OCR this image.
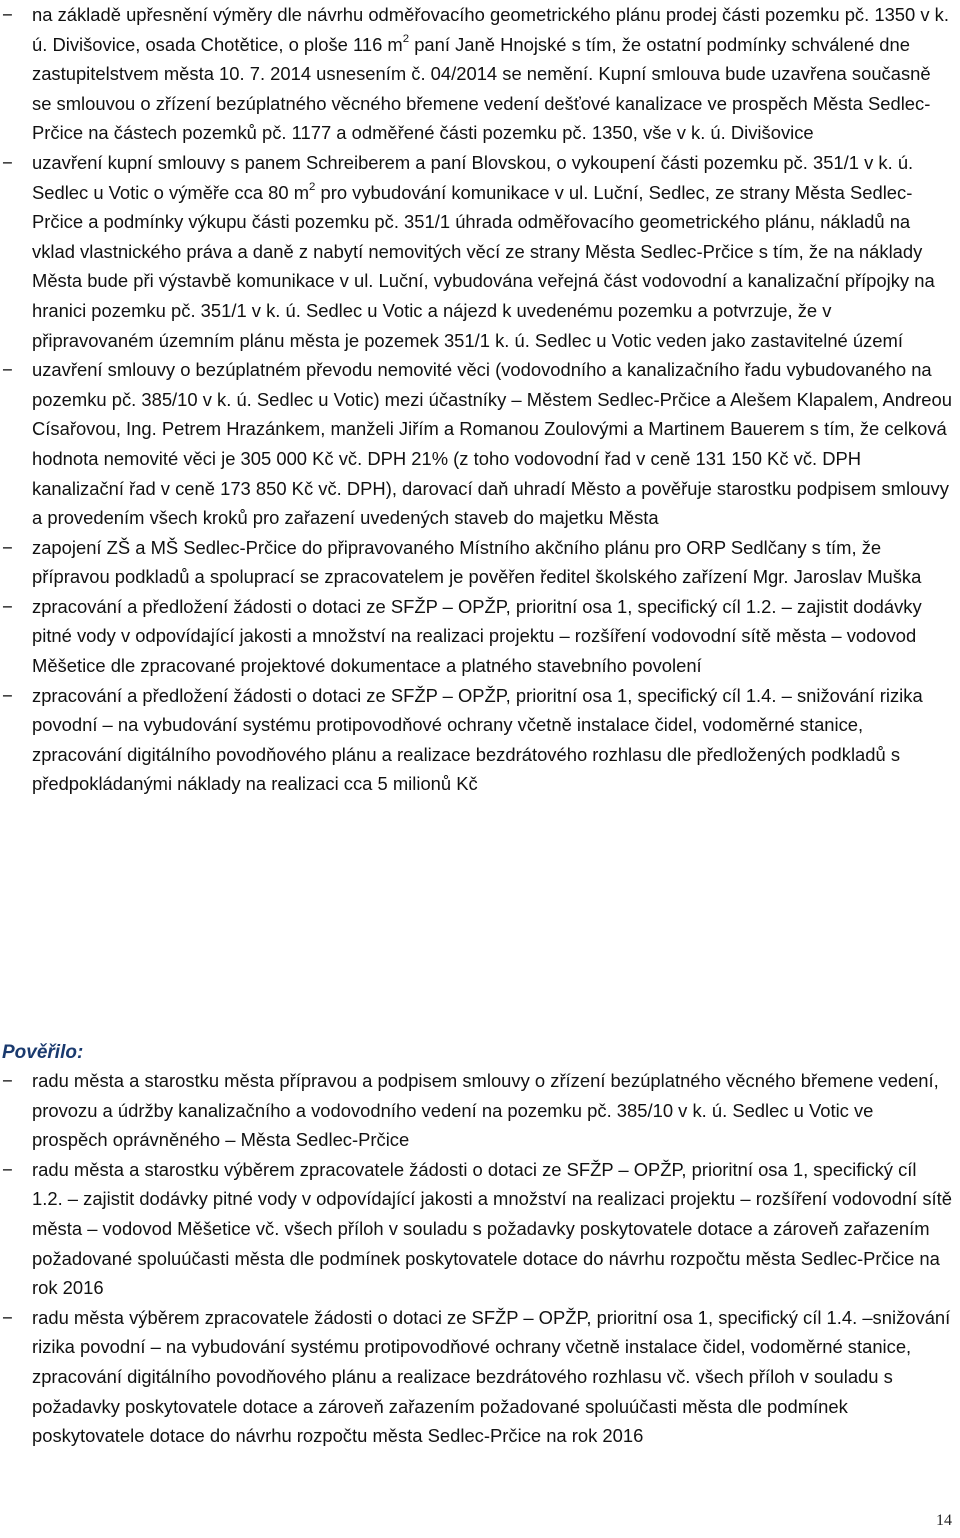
−	na základě upřesnění výměry dle návrhu odměřovacího geometrického plánu prodej části pozemku pč. 1350 v k. ú. Divišovice, osada Chotětice, o ploše 116 $m^2$ paní Janě Hnojské s tím, že ostatní podmínky schválené dne zastupitelstvem města 10. 7. 2014 usnesením č. 04/2014 se nemění. Kupní smlouva bude uzavřena současně se smlouvou o zřízení bezúplatného věcného břemene vedení dešťové kanalizace ve prospěch Města Sedlec-Prčice na částech pozemků pč. 1177 a odměřené části pozemku pč. 1350, vše v k. ú. Divišovice
−	uzavření kupní smlouvy s panem Schreiberem a paní Blovskou, o vykoupení části pozemku pč. 351/1 v k. ú. Sedlec u Votic o výměře cca 80 $m^2$ pro vybudování komunikace v ul. Luční, Sedlec, ze strany Města Sedlec-Prčice a podmínky výkupu části pozemku pč. 351/1 úhrada odměřovacího geometrického plánu, nákladů na vklad vlastnického práva a daně z nabytí nemovitých věcí ze strany Města Sedlec-Prčice s tím, že na náklady Města bude při výstavbě komunikace v ul. Luční, vybudována veřejná část vodovodní a kanalizační přípojky na hranici pozemku pč. 351/1 v k. ú. Sedlec u Votic a nájezd k uvedenému pozemku a potvrzuje, že v připravovaném územním plánu města je pozemek 351/1 k. ú. Sedlec u Votic veden jako zastavitelné území
−	uzavření smlouvy o bezúplatném převodu nemovité věci (vodovodního a kanalizačního řadu vybudovaného na pozemku pč. 385/10 v k. ú. Sedlec u Votic) mezi účastníky – Městem Sedlec-Prčice a Alešem Klapalem, Andreou Císařovou, Ing. Petrem Hrazánkem, manželi Jiřím a Romanou Zoulovými a Martinem Bauerem s tím, že celková hodnota nemovité věci je 305 000 Kč vč. DPH 21% (z toho vodovodní řad v ceně 131 150 Kč vč. DPH kanalizační řad v ceně 173 850 Kč vč. DPH), darovací daň uhradí Město a pověřuje starostku podpisem smlouvy a provedením všech kroků pro zařazení uvedených staveb do majetku Města
−	zapojení ZŠ a MŠ Sedlec-Prčice do připravovaného Místního akčního plánu pro ORP Sedlčany s tím, že přípravou podkladů a spoluprací se zpracovatelem je pověřen ředitel školského zařízení Mgr. Jaroslav Muška
−	zpracování a předložení žádosti o dotaci ze SFŽP – OPŽP, prioritní osa 1, specifický cíl 1.2. – zajistit dodávky pitné vody v odpovídající jakosti a množství na realizaci projektu – rozšíření vodovodní sítě města – vodovod Měšetice dle zpracované projektové dokumentace a platného stavebního povolení
−	zpracování a předložení žádosti o dotaci ze SFŽP – OPŽP, prioritní osa 1, specifický cíl 1.4. – snižování rizika povodní – na vybudování systému protipovodňové ochrany včetně instalace čidel, vodoměrné stanice, zpracování digitálního povodňového plánu a realizace bezdrátového rozhlasu dle předložených podkladů s předpokládanými náklady na realizaci cca 5 milionů Kč
Pověřilo:
−	radu města a starostku města přípravou a podpisem smlouvy o zřízení bezúplatného věcného břemene vedení, provozu a údržby kanalizačního a vodovodního vedení na pozemku pč. 385/10 v k. ú. Sedlec u Votic ve prospěch oprávněného – Města Sedlec-Prčice
−	radu města a starostku výběrem zpracovatele žádosti o dotaci ze SFŽP – OPŽP, prioritní osa 1, specifický cíl 1.2. – zajistit dodávky pitné vody v odpovídající jakosti a množství na realizaci projektu – rozšíření vodovodní sítě města – vodovod Měšetice vč. všech příloh v souladu s požadavky poskytovatele dotace a zároveň zařazením požadované spoluúčasti města dle podmínek poskytovatele dotace do návrhu rozpočtu města Sedlec-Prčice na rok 2016
−	radu města výběrem zpracovatele žádosti o dotaci ze SFŽP – OPŽP, prioritní osa 1, specifický cíl 1.4. –snižování rizika povodní – na vybudování systému protipovodňové ochrany včetně instalace čidel, vodoměrné stanice, zpracování digitálního povodňového plánu a realizace bezdrátového rozhlasu vč. všech příloh v souladu s požadavky poskytovatele dotace a zároveň zařazením požadované spoluúčasti města dle podmínek poskytovatele dotace do návrhu rozpočtu města Sedlec-Prčice na rok 2016
14
